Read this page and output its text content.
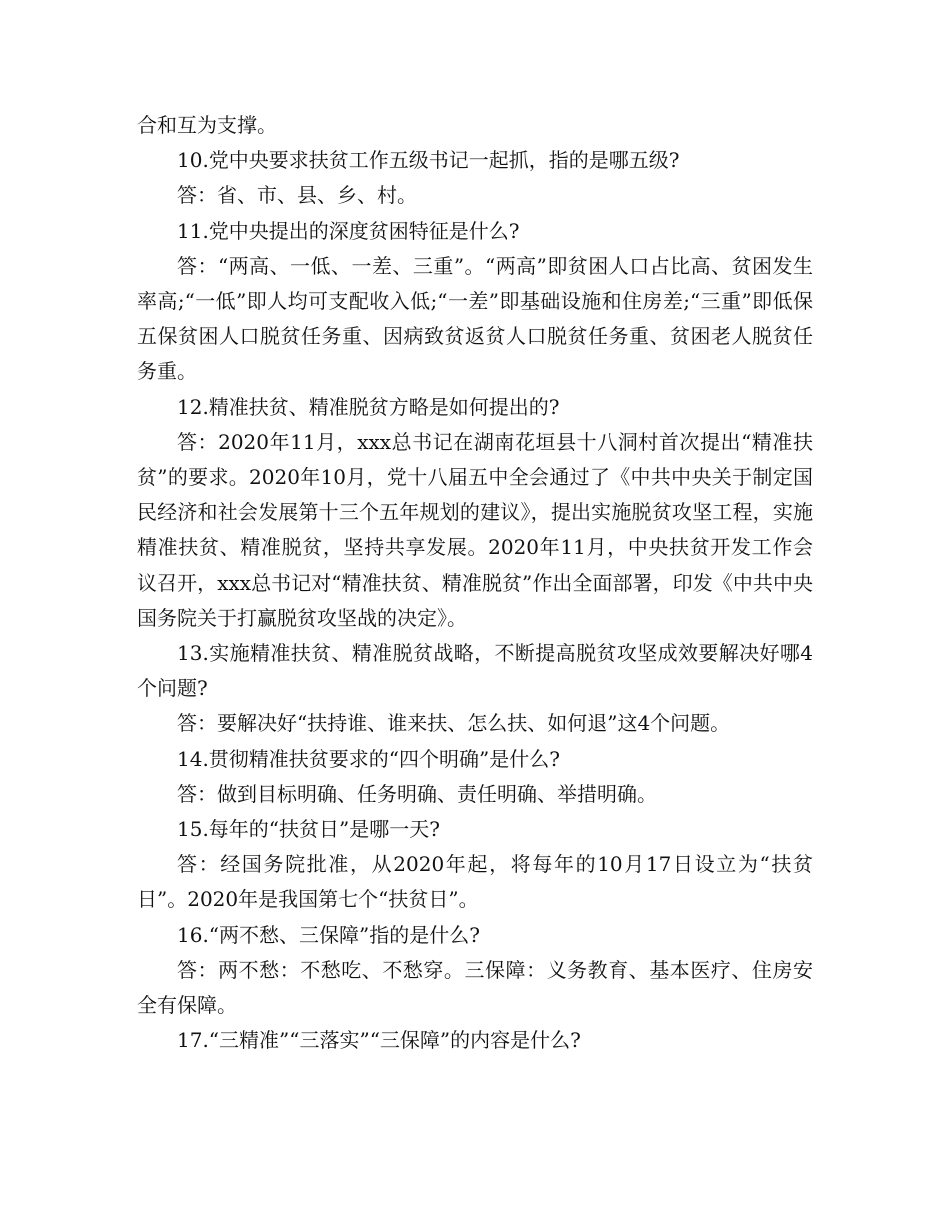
合和互为支撑。

10.党中央要求扶贫工作五级书记一起抓，指的是哪五级?

答：省、市、县、乡、村。

11.党中央提出的深度贫困特征是什么?

答：“两高、一低、一差、三重”。“两高”即贫困人口占比高、贫困发生率高;“一低”即人均可支配收入低;“一差”即基础设施和住房差;“三重”即低保五保贫困人口脱贫任务重、因病致贫返贫人口脱贫任务重、贫困老人脱贫任务重。

12.精准扶贫、精准脱贫方略是如何提出的?

答：2020年11月，xxx总书记在湖南花垣县十八洞村首次提出“精准扶贫”的要求。2020年10月，党十八届五中全会通过了《中共中央关于制定国民经济和社会发展第十三个五年规划的建议》，提出实施脱贫攻坚工程，实施精准扶贫、精准脱贫，坚持共享发展。2020年11月，中央扶贫开发工作会议召开，xxx总书记对“精准扶贫、精准脱贫”作出全面部署，印发《中共中央国务院关于打赢脱贫攻坚战的决定》。

13.实施精准扶贫、精准脱贫战略，不断提高脱贫攻坚成效要解决好哪4个问题?

答：要解决好“扶持谁、谁来扶、怎么扶、如何退”这4个问题。

14.贯彻精准扶贫要求的“四个明确”是什么?

答：做到目标明确、任务明确、责任明确、举措明确。

15.每年的“扶贫日”是哪一天?

答：经国务院批准，从2020年起，将每年的10月17日设立为“扶贫日”。2020年是我国第七个“扶贫日”。

16.“两不愁、三保障”指的是什么?

答：两不愁：不愁吃、不愁穿。三保障：义务教育、基本医疗、住房安全有保障。

17.“三精准”“三落实”“三保障”的内容是什么?
